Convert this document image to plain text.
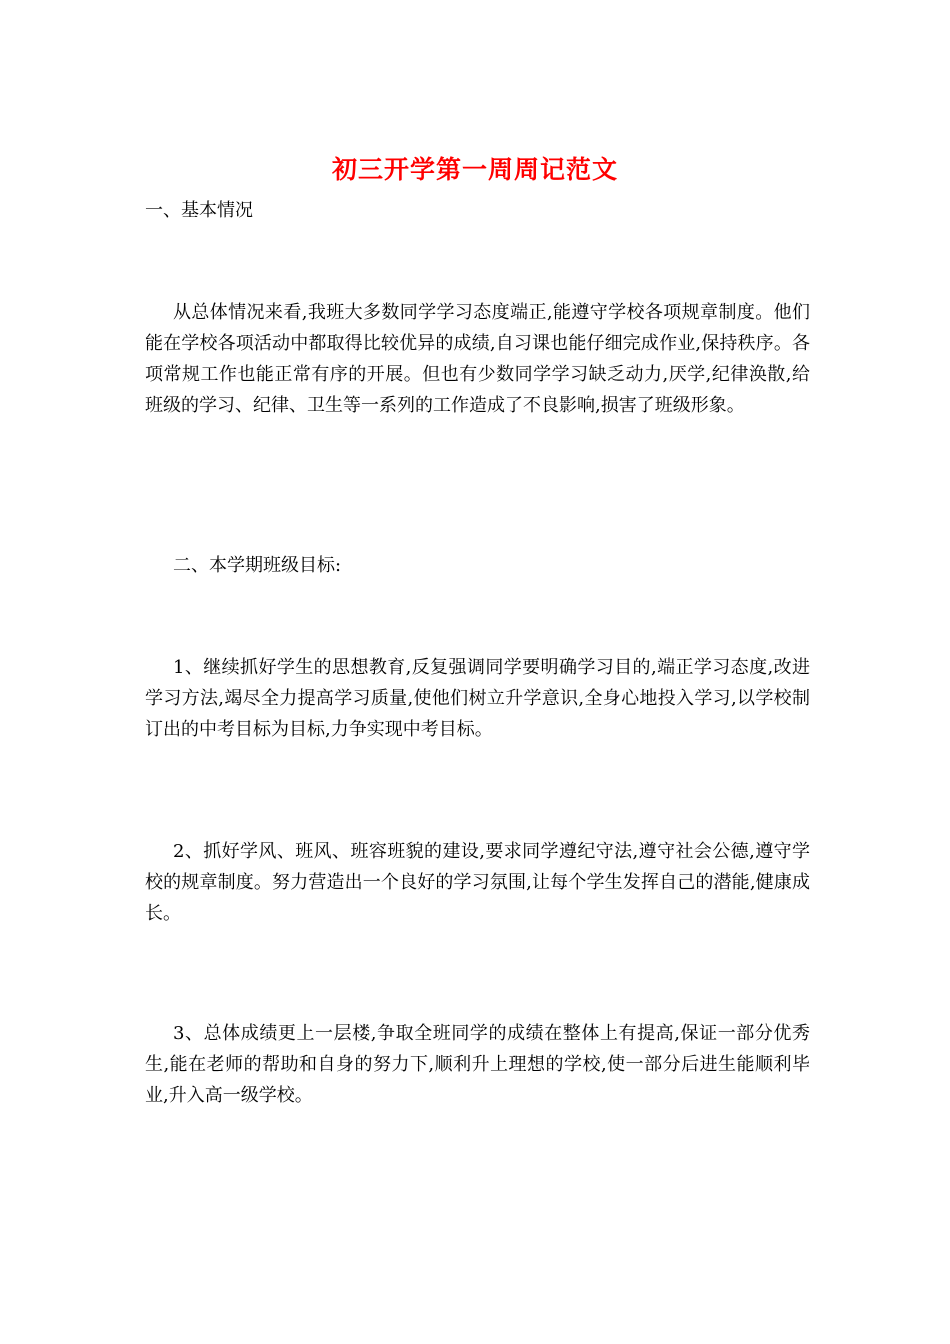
初三开学第一周周记范文

一、基本情况

从总体情况来看,我班大多数同学学习态度端正,能遵守学校各项规章制度。他们能在学校各项活动中都取得比较优异的成绩,自习课也能仔细完成作业,保持秩序。各项常规工作也能正常有序的开展。但也有少数同学学习缺乏动力,厌学,纪律涣散,给班级的学习、纪律、卫生等一系列的工作造成了不良影响,损害了班级形象。

二、本学期班级目标:

1、继续抓好学生的思想教育,反复强调同学要明确学习目的,端正学习态度,改进学习方法,竭尽全力提高学习质量,使他们树立升学意识,全身心地投入学习,以学校制订出的中考目标为目标,力争实现中考目标。

2、抓好学风、班风、班容班貌的建设,要求同学遵纪守法,遵守社会公德,遵守学校的规章制度。努力营造出一个良好的学习氛围,让每个学生发挥自己的潜能,健康成长。

3、总体成绩更上一层楼,争取全班同学的成绩在整体上有提高,保证一部分优秀生,能在老师的帮助和自身的努力下,顺利升上理想的学校,使一部分后进生能顺利毕业,升入高一级学校。
